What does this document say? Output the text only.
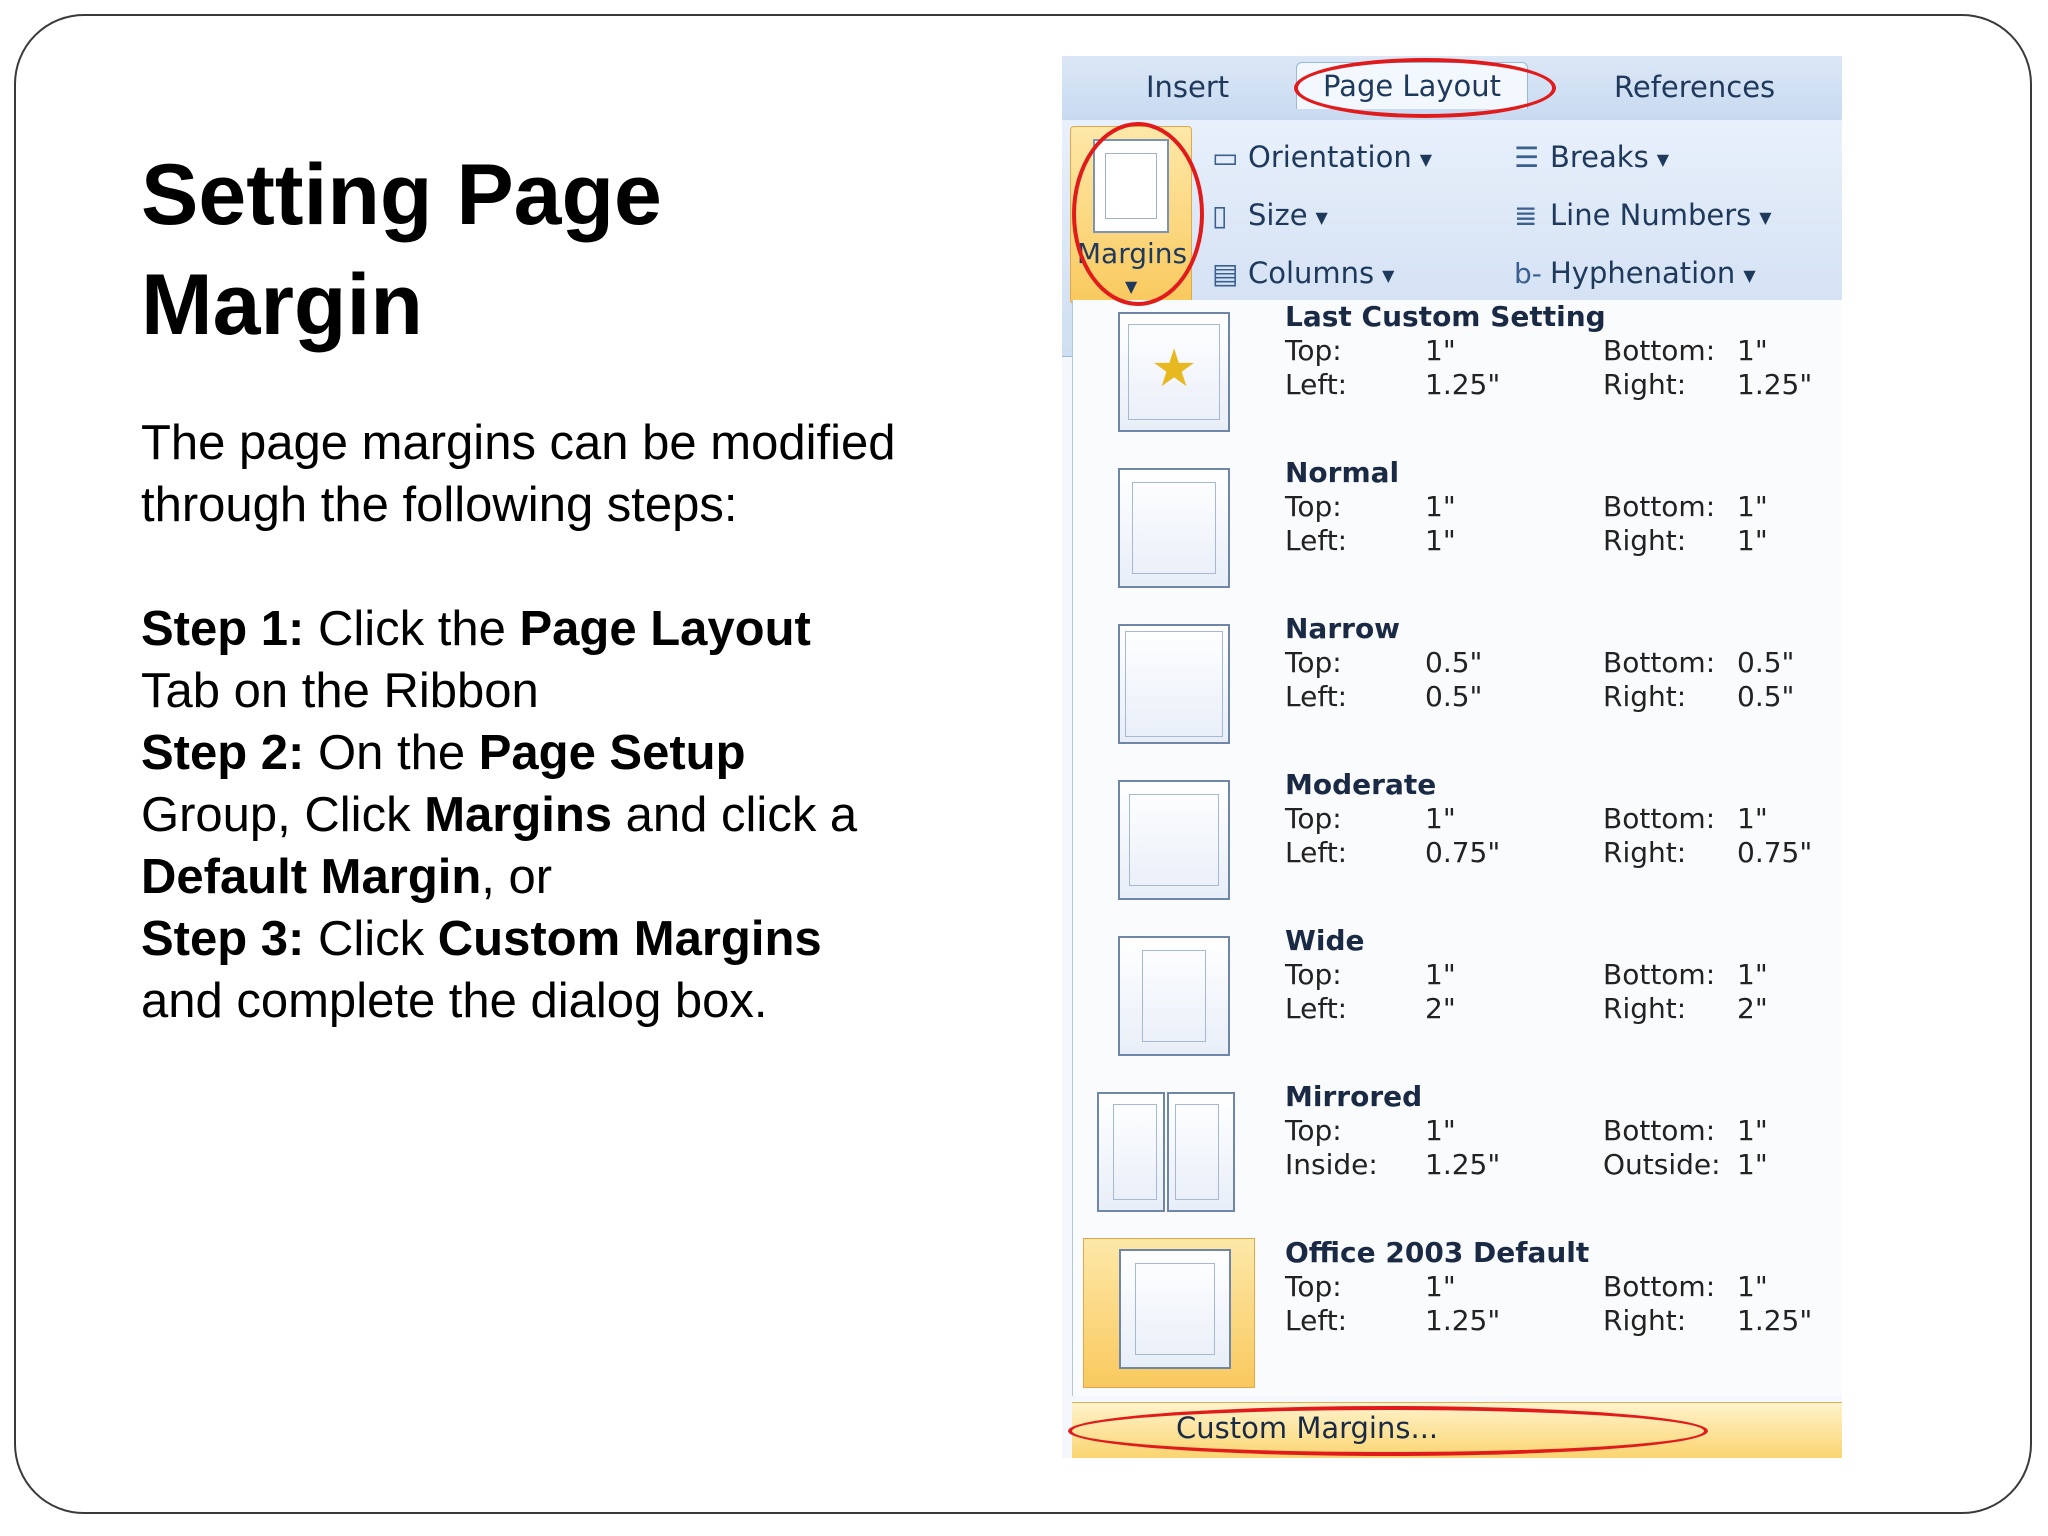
Setting Page
Margin

The page margins can be modified

through the following steps:

Step 1: Click the Page Layout

Tab on the Ribbon

Step 2: On the Page Setup

Group, Click Margins and click a

Default Margin, or

Step 3: Click Custom Margins

and complete the dialog box.

Insert	Page Layout	References
Margins
▼
▭ Orientation ▼
▯ Size ▼
▤ Columns ▼
☰ Breaks ▼
≣ Line Numbers ▼
b‑ Hyphenation ▼
★
Last Custom Setting
Top:	1"	Bottom: 1"
Left:	1.25"	Right: 1.25"
Normal
Top:	1"	Bottom: 1"
Left:	1"	Right: 1"
Narrow
Top:	0.5"	Bottom: 0.5"
Left:	0.5"	Right: 0.5"
Moderate
Top:	1"	Bottom: 1"
Left:	0.75"	Right: 0.75"
Wide
Top:	1"	Bottom: 1"
Left:	2"	Right: 2"
Mirrored
Top:	1"	Bottom: 1"
Inside: 1.25"	Outside: 1"
Office 2003 Default
Top:	1"	Bottom: 1"
Left:	1.25"	Right: 1.25"
Custom Margins...
